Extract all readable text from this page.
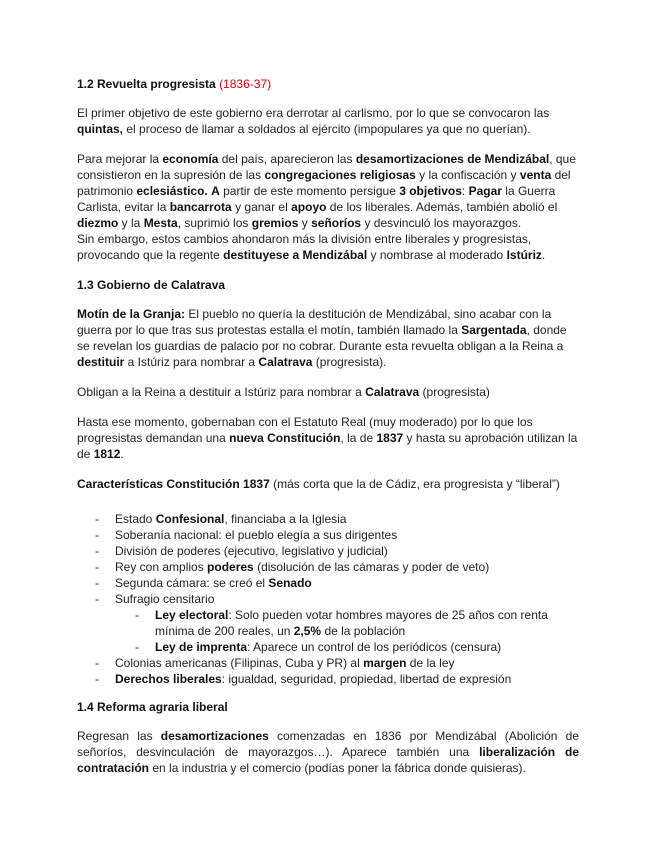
1.2 Revuelta progresista (1836-37)

El primer objetivo de este gobierno era derrotar al carlismo, por lo que se convocaron las quintas, el proceso de llamar a soldados al ejército (impopulares ya que no querían).

Para mejorar la economía del país, aparecieron las desamortizaciones de Mendizábal, que consistieron en la supresión de las congregaciones religiosas y la confiscación y venta del patrimonio eclesiástico. A partir de este momento persigue 3 objetivos: Pagar la Guerra Carlista, evitar la bancarrota y ganar el apoyo de los liberales. Además, también abolió el diezmo y la Mesta, suprimió los gremios y señoríos y desvinculó los mayorazgos.

Sin embargo, estos cambios ahondaron más la división entre liberales y progresistas, provocando que la regente destituyese a Mendizábal y nombrase al moderado Istúriz.

1.3 Gobierno de Calatrava

Motín de la Granja: El pueblo no quería la destitución de Mendizábal, sino acabar con la guerra por lo que tras sus protestas estalla el motín, también llamado la Sargentada, donde se revelan los guardias de palacio por no cobrar. Durante esta revuelta obligan a la Reina a destituir a Istúriz para nombrar a Calatrava (progresista).

Obligan a la Reina a destituir a Istúriz para nombrar a Calatrava (progresista)

Hasta ese momento, gobernaban con el Estatuto Real (muy moderado) por lo que los progresistas demandan una nueva Constitución, la de 1837 y hasta su aprobación utilizan la de 1812.

Características Constitución 1837 (más corta que la de Cádiz, era progresista y “liberal”)

- Estado Confesional, financiaba a la Iglesia
- Soberanía nacional: el pueblo elegía a sus dirigentes
- División de poderes (ejecutivo, legislativo y judicial)
- Rey con amplios poderes (disolución de las cámaras y poder de veto)
- Segunda cámara: se creó el Senado
- Sufragio censitario
- Ley electoral: Solo pueden votar hombres mayores de 25 años con renta mínima de 200 reales, un 2,5% de la población
- Ley de imprenta: Aparece un control de los periódicos (censura)
- Colonias americanas (Filipinas, Cuba y PR) al margen de la ley
- Derechos liberales: igualdad, seguridad, propiedad, libertad de expresión
1.4 Reforma agraria liberal

Regresan las desamortizaciones comenzadas en 1836 por Mendizábal (Abolición de señoríos, desvinculación de mayorazgos…). Aparece también una liberalización de contratación en la industria y el comercio (podías poner la fábrica donde quisieras).
